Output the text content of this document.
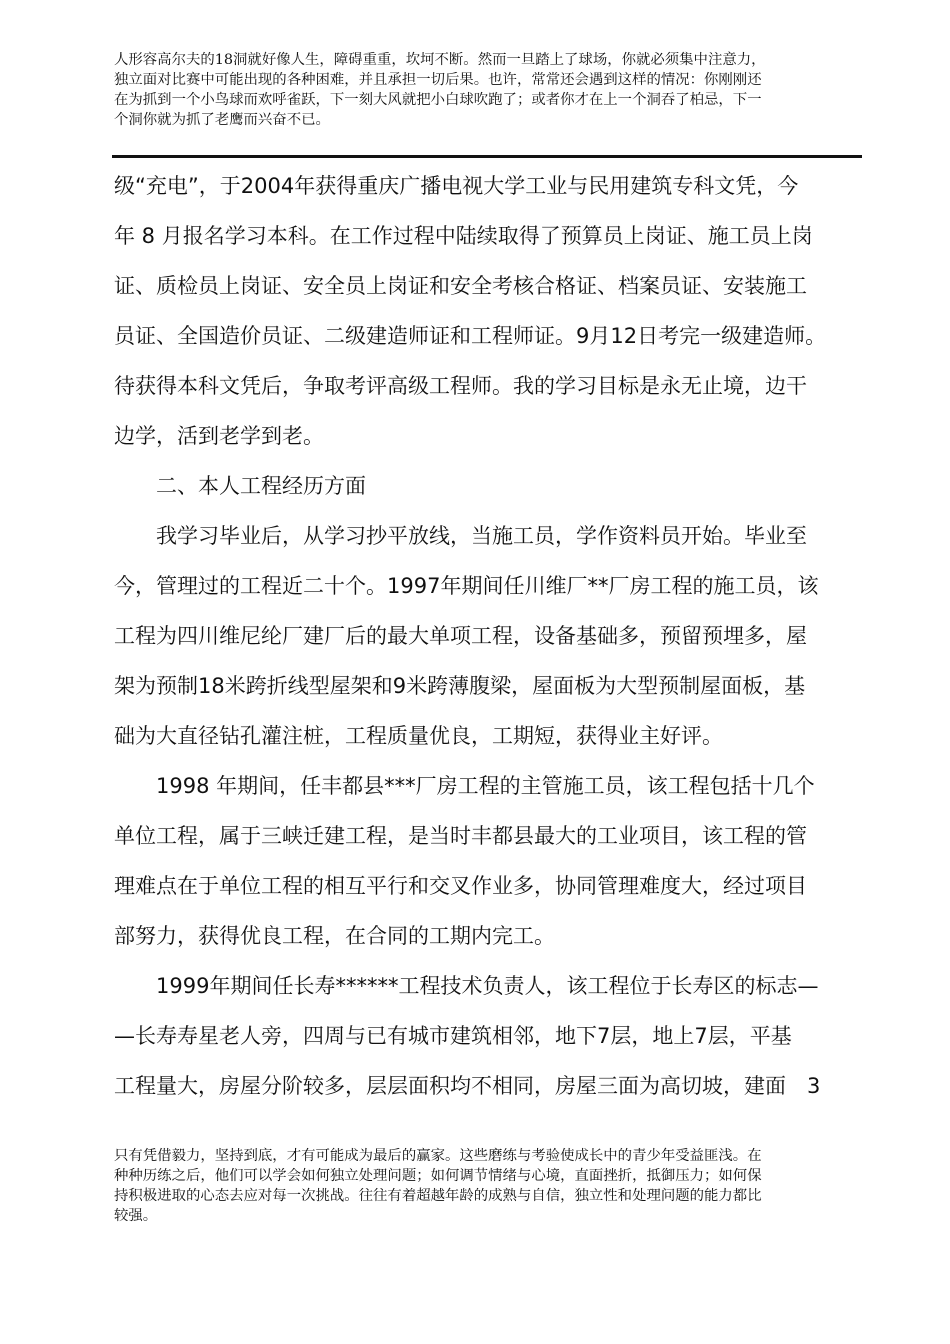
人形容高尔夫的18洞就好像人生，障碍重重，坎坷不断。然而一旦踏上了球场，你就必须集中注意力，
独立面对比赛中可能出现的各种困难，并且承担一切后果。也许，常常还会遇到这样的情况：你刚刚还
在为抓到一个小鸟球而欢呼雀跃，下一刻大风就把小白球吹跑了；或者你才在上一个洞吞了柏忌，下一
个洞你就为抓了老鹰而兴奋不已。
级“充电”，于2004年获得重庆广播电视大学工业与民用建筑专科文凭，今
年 8 月报名学习本科。在工作过程中陆续取得了预算员上岗证、施工员上岗
证、质检员上岗证、安全员上岗证和安全考核合格证、档案员证、安装施工
员证、全国造价员证、二级建造师证和工程师证。9月12日考完一级建造师。
待获得本科文凭后，争取考评高级工程师。我的学习目标是永无止境，边干
边学，活到老学到老。
　　二、本人工程经历方面
　　我学习毕业后，从学习抄平放线，当施工员，学作资料员开始。毕业至
今，管理过的工程近二十个。1997年期间任川维厂**厂房工程的施工员，该
工程为四川维尼纶厂建厂后的最大单项工程，设备基础多，预留预埋多，屋
架为预制18米跨折线型屋架和9米跨薄腹梁，屋面板为大型预制屋面板，基
础为大直径钻孔灌注桩，工程质量优良，工期短，获得业主好评。
　　1998 年期间，任丰都县***厂房工程的主管施工员，该工程包括十几个
单位工程，属于三峡迁建工程，是当时丰都县最大的工业项目，该工程的管
理难点在于单位工程的相互平行和交叉作业多，协同管理难度大，经过项目
部努力，获得优良工程，在合同的工期内完工。
　　1999年期间任长寿******工程技术负责人，该工程位于长寿区的标志—
—长寿寿星老人旁，四周与已有城市建筑相邻，地下7层，地上7层，平基
工程量大，房屋分阶较多，层层面积均不相同，房屋三面为高切坡，建面　3
只有凭借毅力，坚持到底，才有可能成为最后的赢家。这些磨练与考验使成长中的青少年受益匪浅。在
种种历练之后，他们可以学会如何独立处理问题；如何调节情绪与心境，直面挫折，抵御压力；如何保
持积极进取的心态去应对每一次挑战。往往有着超越年龄的成熟与自信，独立性和处理问题的能力都比
较强。
